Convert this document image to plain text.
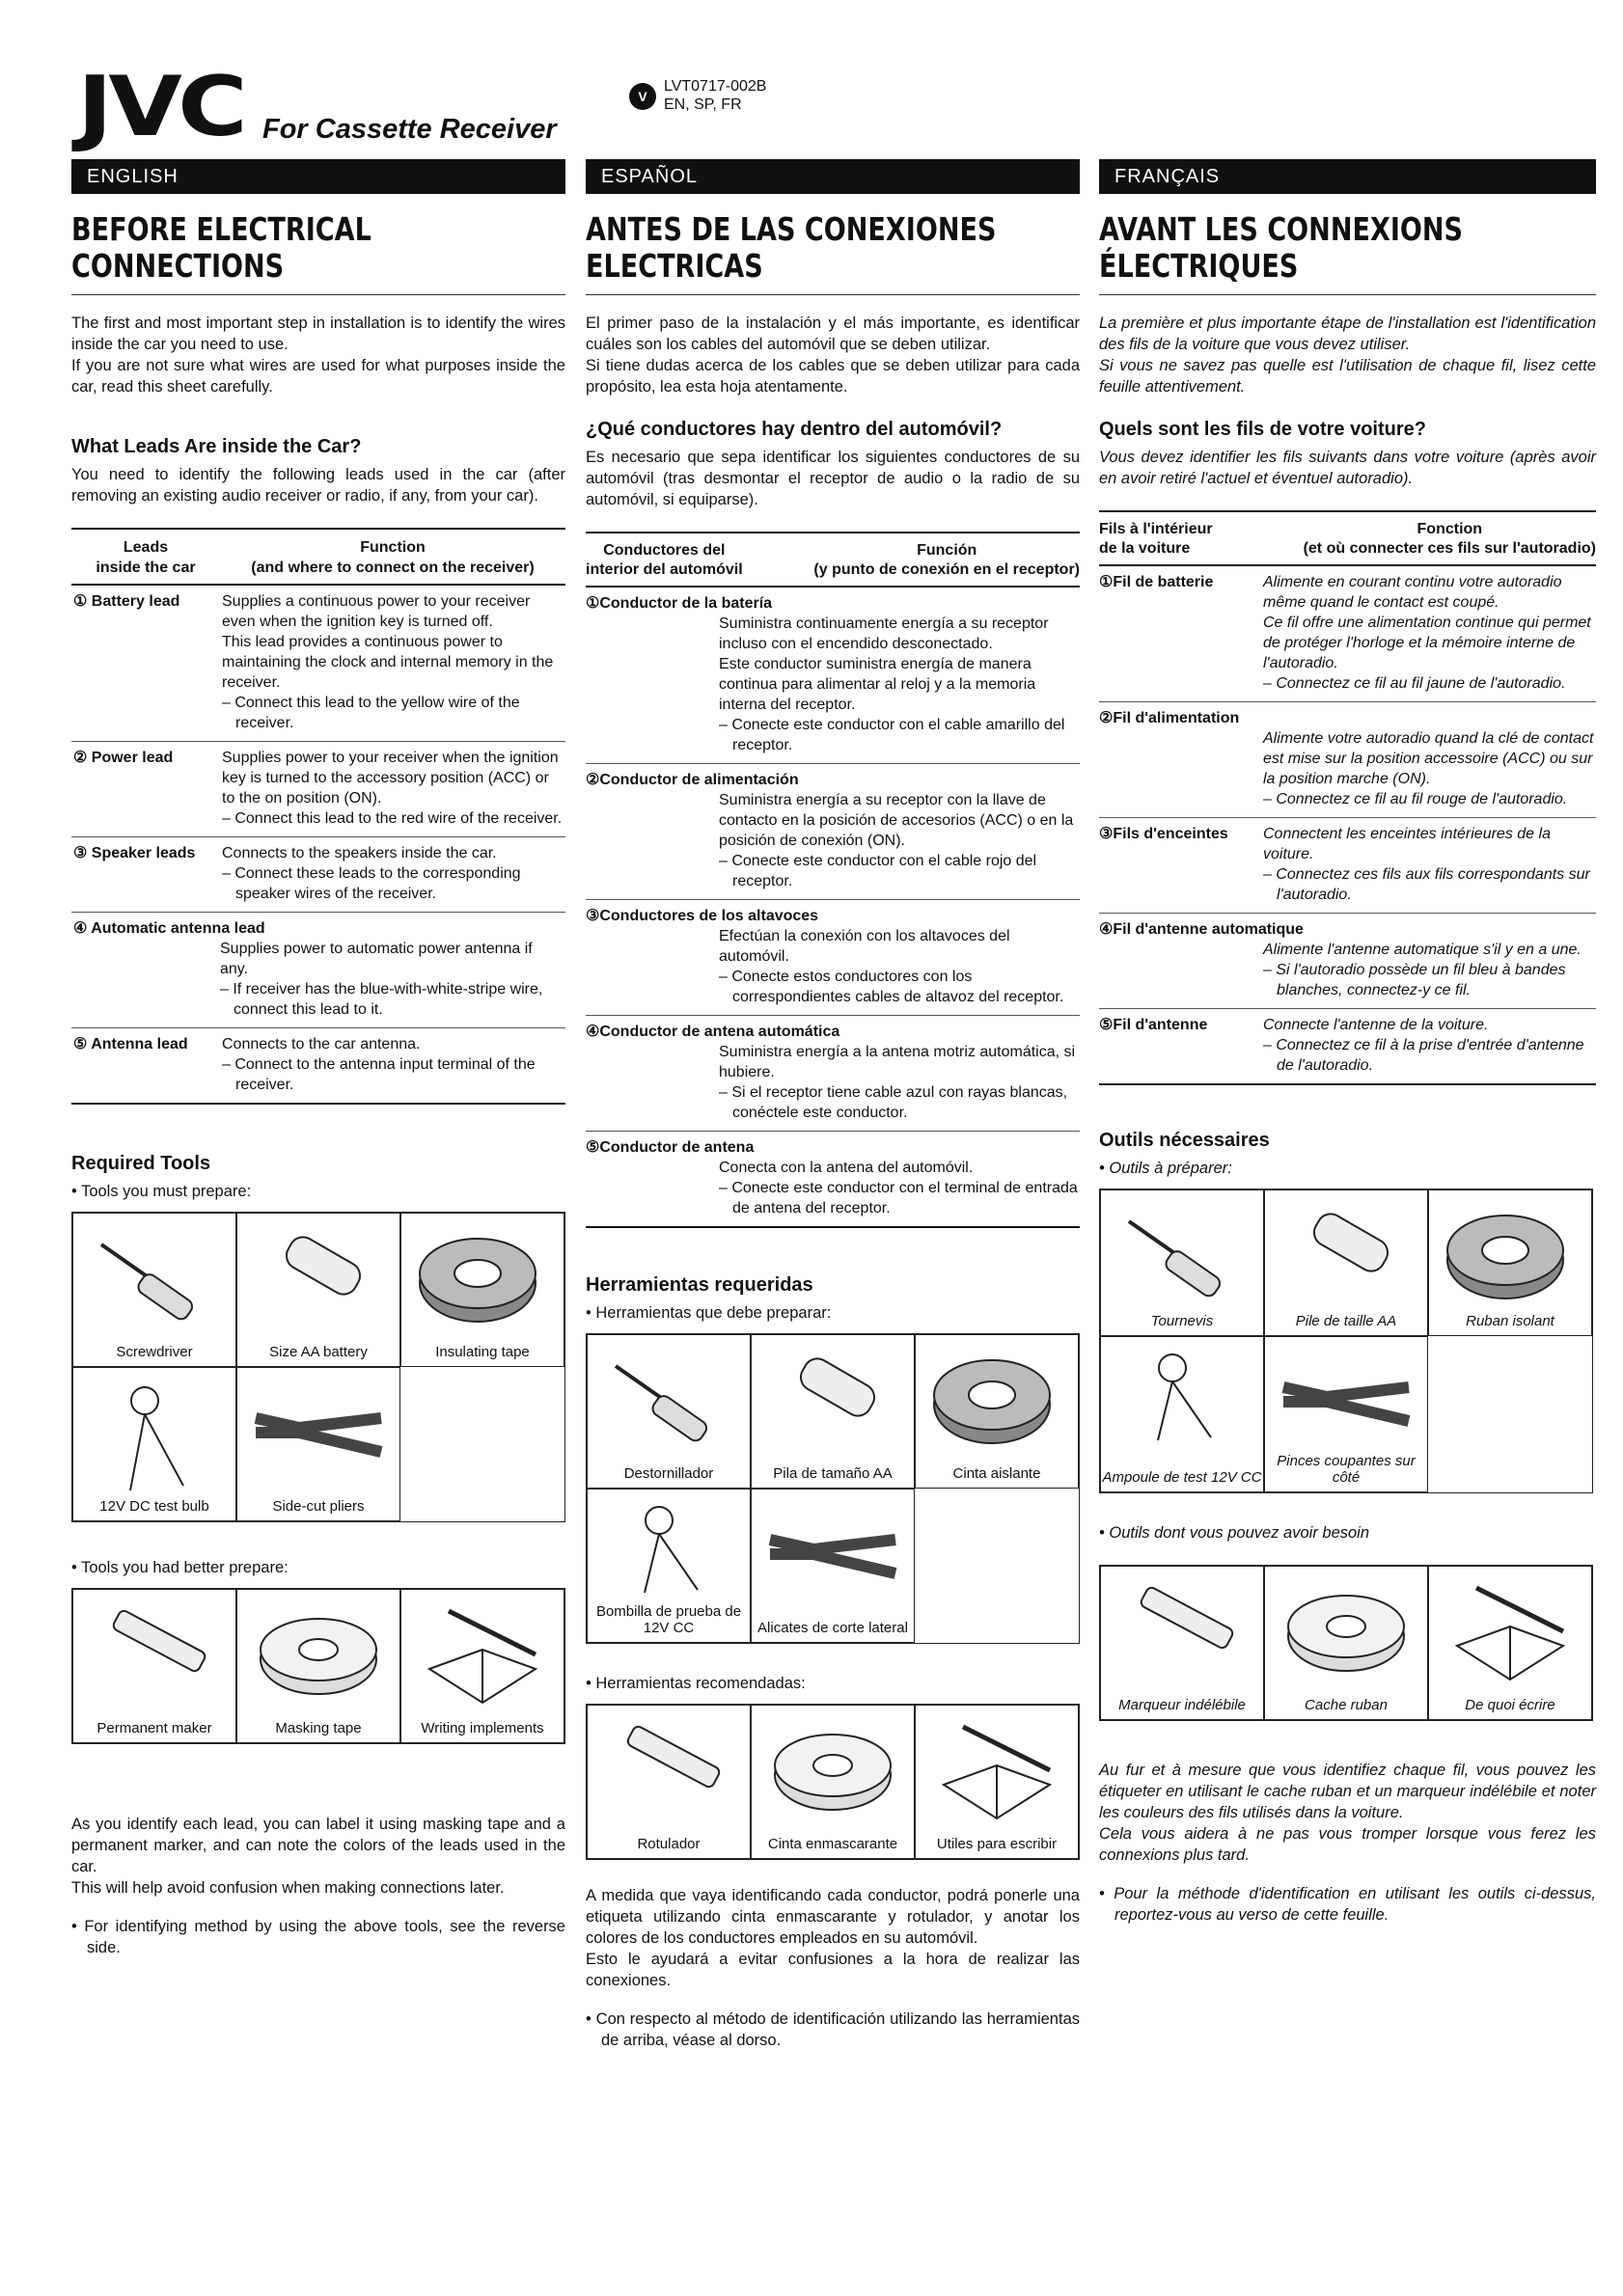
JVC For Cassette Receiver
V
LVT0717-002B
EN, SP, FR
ENGLISH
BEFORE ELECTRICAL CONNECTIONS

The first and most important step in installation is to identify the wires inside the car you need to use.

If you are not sure what wires are used for what purposes inside the car, read this sheet carefully.

What Leads Are inside the Car?

You need to identify the following leads used in the car (after removing an existing audio receiver or radio, if any, from your car).

Leads
inside the car	Function
(and where to connect on the receiver)
① Battery lead	Supplies a continuous power to your receiver even when the ignition key is turned off.
This lead provides a continuous power to maintaining the clock and internal memory in the receiver.
– Connect this lead to the yellow wire of the receiver.

② Power lead	Supplies power to your receiver when the ignition key is turned to the accessory position (ACC) or to the on position (ON).
– Connect this lead to the red wire of the receiver.

③ Speaker leads	Connects to the speakers inside the car.
– Connect these leads to the corresponding speaker wires of the receiver.

④ Automatic antenna lead
Supplies power to automatic power antenna if any.
– If receiver has the blue-with-white-stripe wire, connect this lead to it.	

⑤ Antenna lead	Connects to the car antenna.
– Connect to the antenna input terminal of the receiver.
Required Tools
• Tools you must prepare:
Screwdriver	Size AA battery	Insulating tape
12V DC test bulb	Side-cut pliers
• Tools you had better prepare:
Permanent maker	Masking tape	Writing implements

As you identify each lead, you can label it using masking tape and a permanent marker, and can note the colors of the leads used in the car.

This will help avoid confusion when making connections later.

• For identifying method by using the above tools, see the reverse side.

ESPAÑOL
ANTES DE LAS CONEXIONES ELECTRICAS

El primer paso de la instalación y el más importante, es identificar cuáles son los cables del automóvil que se deben utilizar.

Si tiene dudas acerca de los cables que se deben utilizar para cada propósito, lea esta hoja atentamente.

¿Qué conductores hay dentro del automóvil?

Es necesario que sepa identificar los siguientes conductores de su automóvil (tras desmontar el receptor de audio o la radio de su automóvil, si equiparse).

Conductores del
interior del automóvil
Función
(y punto de conexión en el receptor)
①Conductor de la batería
Suministra continuamente energía a su receptor incluso con el encendido desconectado.
Este conductor suministra energía de manera continua para alimentar al reloj y a la memoria interna del receptor.
– Conecte este conductor con el cable amarillo del receptor.
②Conductor de alimentación
Suministra energía a su receptor con la llave de contacto en la posición de accesorios (ACC) o en la posición de conexión (ON).
– Conecte este conductor con el cable rojo del receptor.
③Conductores de los altavoces
Efectúan la conexión con los altavoces del automóvil.
– Conecte estos conductores con los correspondientes cables de altavoz del receptor.
④Conductor de antena automática
Suministra energía a la antena motriz automática, si hubiere.
– Si el receptor tiene cable azul con rayas blancas, conéctele este conductor.
⑤Conductor de antena
Conecta con la antena del automóvil.
– Conecte este conductor con el terminal de entrada de antena del receptor.
Herramientas requeridas
• Herramientas que debe preparar:
Destornillador	Pila de tamaño AA	Cinta aislante
Bombilla de prueba de 12V CC	Alicates de corte lateral
• Herramientas recomendadas:
Rotulador	Cinta enmascarante	Utiles para escribir

A medida que vaya identificando cada conductor, podrá ponerle una etiqueta utilizando cinta enmascarante y rotulador, y anotar los colores de los conductores empleados en su automóvil.

Esto le ayudará a evitar confusiones a la hora de realizar las conexiones.

• Con respecto al método de identificación utilizando las herramientas de arriba, véase al dorso.

FRANÇAIS
AVANT LES CONNEXIONS ÉLECTRIQUES

La première et plus importante étape de l'installation est l'identification des fils de la voiture que vous devez utiliser.

Si vous ne savez pas quelle est l'utilisation de chaque fil, lisez cette feuille attentivement.

Quels sont les fils de votre voiture?

Vous devez identifier les fils suivants dans votre voiture (après avoir en avoir retiré l'actuel et éventuel autoradio).

Fils à l'intérieur
de la voiture
Fonction
(et où connecter ces fils sur l'autoradio)
①Fil de batterie	Alimente en courant continu votre autoradio même quand le contact est coupé.
Ce fil offre une alimentation continue qui permet de protéger l'horloge et la mémoire interne de l'autoradio.
– Connectez ce fil au fil jaune de l'autoradio.
②Fil d'alimentation
Alimente votre autoradio quand la clé de contact est mise sur la position accessoire (ACC) ou sur la position marche (ON).
– Connectez ce fil au fil rouge de l'autoradio.
③Fils d'enceintes	Connectent les enceintes intérieures de la voiture.
– Connectez ces fils aux fils correspondants sur l'autoradio.
④Fil d'antenne automatique
Alimente l'antenne automatique s'il y en a une.
– Si l'autoradio possède un fil bleu à bandes blanches, connectez-y ce fil.
⑤Fil d'antenne	Connecte l'antenne de la voiture.
– Connectez ce fil à la prise d'entrée d'antenne de l'autoradio.
Outils nécessaires
• Outils à préparer:
Tournevis	Pile de taille AA	Ruban isolant
Ampoule de test 12V CC
Pinces coupantes sur côté
• Outils dont vous pouvez avoir besoin
Marqueur indélébile	Cache ruban	De quoi écrire

Au fur et à mesure que vous identifiez chaque fil, vous pouvez les étiqueter en utilisant le cache ruban et un marqueur indélébile et noter les couleurs des fils utilisés dans la voiture.

Cela vous aidera à ne pas vous tromper lorsque vous ferez les connexions plus tard.

• Pour la méthode d'identification en utilisant les outils ci-dessus, reportez-vous au verso de cette feuille.
